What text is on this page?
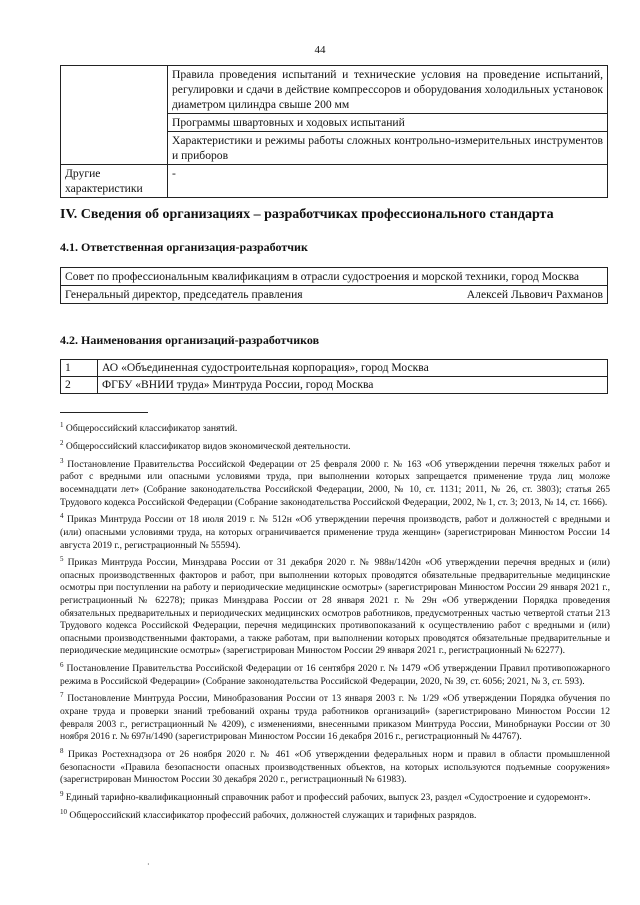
44
	Правила проведения испытаний и технические условия на проведение испытаний, регулировки и сдачи в действие компрессоров и оборудования холодильных установок диаметром цилиндра свыше 200 мм
	Программы швартовных и ходовых испытаний
	Характеристики и режимы работы сложных контрольно-измерительных инструментов и приборов
Другие характеристики	-
IV. Сведения об организациях – разработчиках профессионального стандарта
4.1. Ответственная организация-разработчик
Совет по профессиональным квалификациям в отрасли судостроения и морской техники, город Москва

Генеральный директор, председатель правления	Алексей Львович Рахманов
4.2. Наименования организаций-разработчиков
1	АО «Объединенная судостроительная корпорация», город Москва
2	ФГБУ «ВНИИ труда» Минтруда России, город Москва

$^1$ Общероссийский классификатор занятий.

$^2$ Общероссийский классификатор видов экономической деятельности.

$^3$ Постановление Правительства Российской Федерации от 25 февраля 2000 г. № 163 «Об утверждении перечня тяжелых работ и работ с вредными или опасными условиями труда, при выполнении которых запрещается применение труда лиц моложе восемнадцати лет» (Собрание законодательства Российской Федерации, 2000, № 10, ст. 1131; 2011, № 26, ст. 3803); статья 265 Трудового кодекса Российской Федерации (Собрание законодательства Российской Федерации, 2002, № 1, ст. 3; 2013, № 14, ст. 1666).

$^4$ Приказ Минтруда России от 18 июля 2019 г. № 512н «Об утверждении перечня производств, работ и должностей с вредными и (или) опасными условиями труда, на которых ограничивается применение труда женщин» (зарегистрирован Минюстом России 14 августа 2019 г., регистрационный № 55594).

$^5$ Приказ Минтруда России, Минздрава России от 31 декабря 2020 г. № 988н/1420н «Об утверждении перечня вредных и (или) опасных производственных факторов и работ, при выполнении которых проводятся обязательные предварительные медицинские осмотры при поступлении на работу и периодические медицинские осмотры» (зарегистрирован Минюстом России 29 января 2021 г., регистрационный № 62278); приказ Минздрава России от 28 января 2021 г. № 29н «Об утверждении Порядка проведения обязательных предварительных и периодических медицинских осмотров работников, предусмотренных частью четвертой статьи 213 Трудового кодекса Российской Федерации, перечня медицинских противопоказаний к осуществлению работ с вредными и (или) опасными производственными факторами, а также работам, при выполнении которых проводятся обязательные предварительные и периодические медицинские осмотры» (зарегистрирован Минюстом России 29 января 2021 г., регистрационный № 62277).

$^6$ Постановление Правительства Российской Федерации от 16 сентября 2020 г. № 1479 «Об утверждении Правил противопожарного режима в Российской Федерации» (Собрание законодательства Российской Федерации, 2020, № 39, ст. 6056; 2021, № 3, ст. 593).

$^7$ Постановление Минтруда России, Минобразования России от 13 января 2003 г. № 1/29 «Об утверждении Порядка обучения по охране труда и проверки знаний требований охраны труда работников организаций» (зарегистрировано Минюстом России 12 февраля 2003 г., регистрационный № 4209), с изменениями, внесенными приказом Минтруда России, Минобрнауки России от 30 ноября 2016 г. № 697н/1490 (зарегистрирован Минюстом России 16 декабря 2016 г., регистрационный № 44767).

$^8$ Приказ Ростехнадзора от 26 ноября 2020 г. № 461 «Об утверждении федеральных норм и правил в области промышленной безопасности «Правила безопасности опасных производственных объектов, на которых используются подъемные сооружения» (зарегистрирован Минюстом России 30 декабря 2020 г., регистрационный № 61983).

$^9$ Единый тарифно-квалификационный справочник работ и профессий рабочих, выпуск 23, раздел «Судостроение и судоремонт».

$^{10}$ Общероссийский классификатор профессий рабочих, должностей служащих и тарифных разрядов.

·
